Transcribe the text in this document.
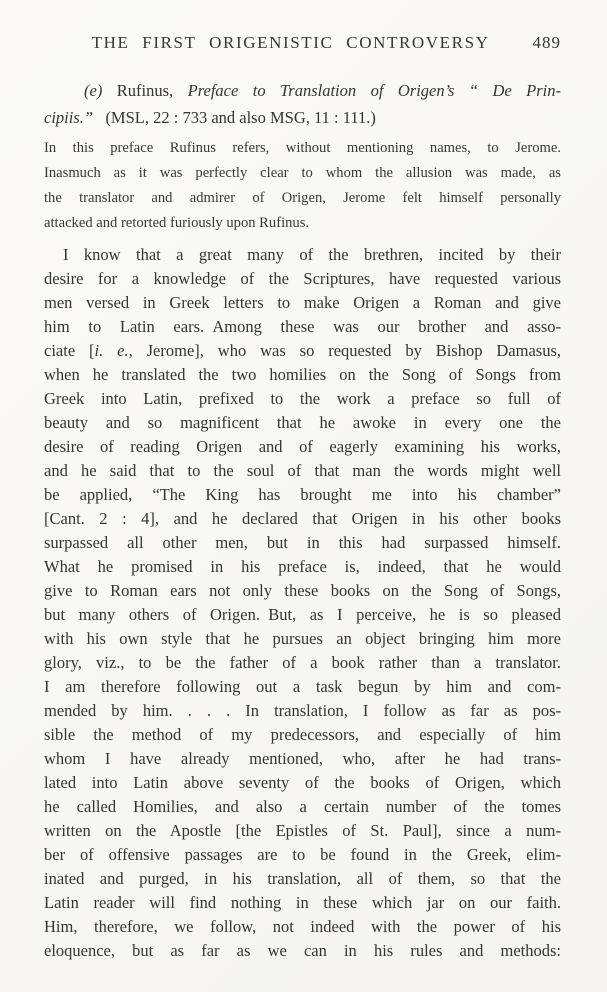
THE FIRST ORIGENISTIC CONTROVERSY	489
(e) Rufinus, Preface to Translation of Origen’s “ De Prin-
cipiis.”  (MSL, 22 : 733 and also MSG, 11 : 111.)
In this preface Rufinus refers, without mentioning names, to Jerome.
Inasmuch as it was perfectly clear to whom the allusion was made, as
the translator and admirer of Origen, Jerome felt himself personally
attacked and retorted furiously upon Rufinus.
I know that a great many of the brethren, incited by their
desire for a knowledge of the Scriptures, have requested various
men versed in Greek letters to make Origen a Roman and give
him to Latin ears. Among these was our brother and asso-
ciate [i. e., Jerome], who was so requested by Bishop Damasus,
when he translated the two homilies on the Song of Songs from
Greek into Latin, prefixed to the work a preface so full of
beauty and so magnificent that he awoke in every one the
desire of reading Origen and of eagerly examining his works,
and he said that to the soul of that man the words might well
be applied, “The King has brought me into his chamber”
[Cant. 2 : 4], and he declared that Origen in his other books
surpassed all other men, but in this had surpassed himself.
What he promised in his preface is, indeed, that he would
give to Roman ears not only these books on the Song of Songs,
but many others of Origen. But, as I perceive, he is so pleased
with his own style that he pursues an object bringing him more
glory, viz., to be the father of a book rather than a translator.
I am therefore following out a task begun by him and com-
mended by him. . . . In translation, I follow as far as pos-
sible the method of my predecessors, and especially of him
whom I have already mentioned, who, after he had trans-
lated into Latin above seventy of the books of Origen, which
he called Homilies, and also a certain number of the tomes
written on the Apostle [the Epistles of St. Paul], since a num-
ber of offensive passages are to be found in the Greek, elim-
inated and purged, in his translation, all of them, so that the
Latin reader will find nothing in these which jar on our faith.
Him, therefore, we follow, not indeed with the power of his
eloquence, but as far as we can in his rules and methods:
